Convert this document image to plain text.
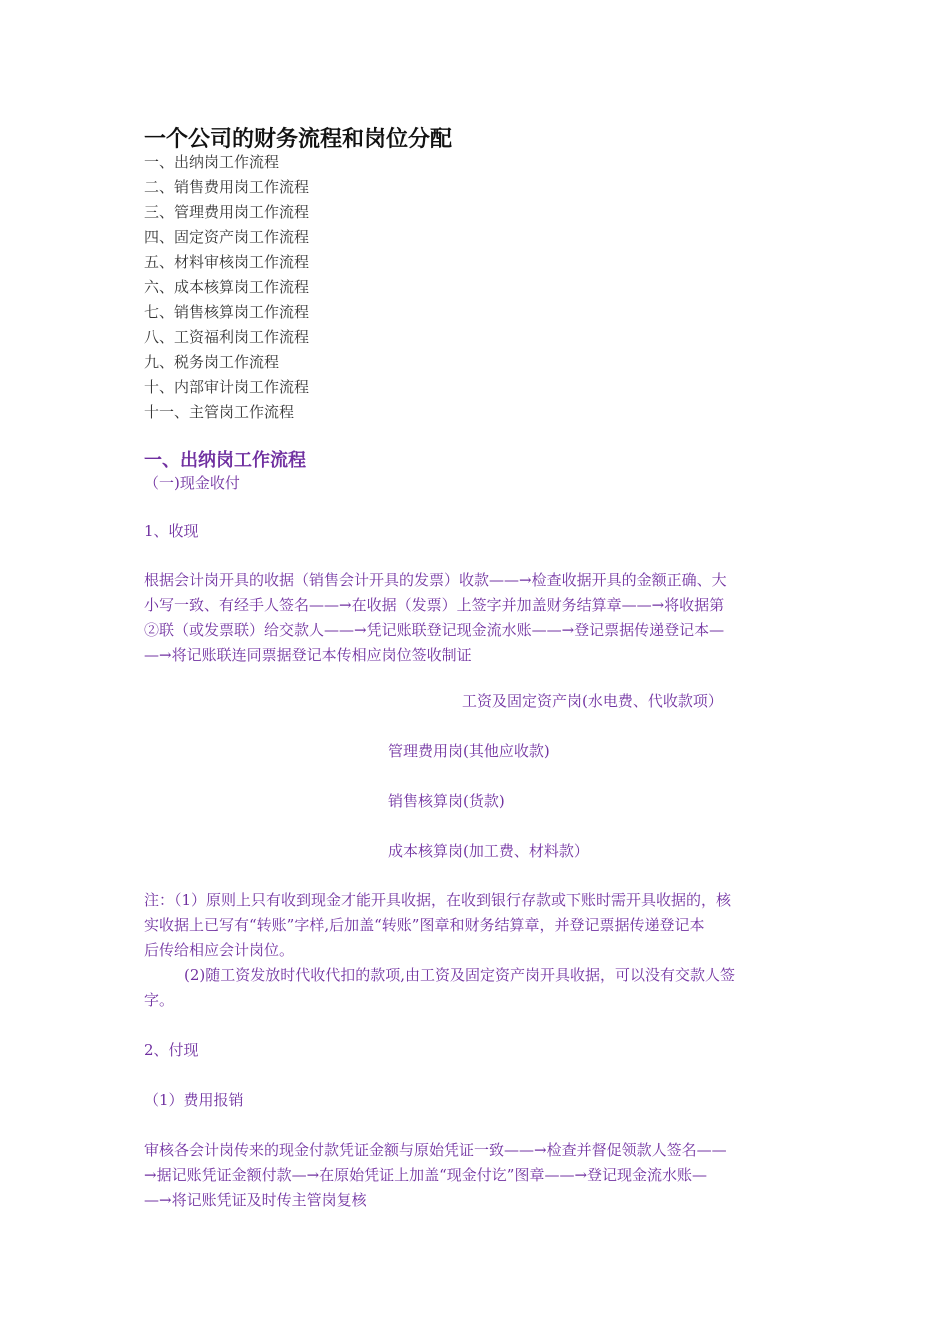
一个公司的财务流程和岗位分配
一、出纳岗工作流程
二、销售费用岗工作流程
三、管理费用岗工作流程
四、固定资产岗工作流程
五、材料审核岗工作流程
六、成本核算岗工作流程
七、销售核算岗工作流程
八、工资福利岗工作流程
九、税务岗工作流程
十、内部审计岗工作流程
十一、主管岗工作流程
一、出纳岗工作流程
（一)现金收付
1、收现
根据会计岗开具的收据（销售会计开具的发票）收款——→检查收据开具的金额正确、大
小写一致、有经手人签名——→在收据（发票）上签字并加盖财务结算章——→将收据第
②联（或发票联）给交款人——→凭记账联登记现金流水账——→登记票据传递登记本—
—→将记账联连同票据登记本传相应岗位签收制证
工资及固定资产岗(水电费、代收款项）
管理费用岗(其他应收款)
销售核算岗(货款)
成本核算岗(加工费、材料款）
注：（1）原则上只有收到现金才能开具收据，在收到银行存款或下账时需开具收据的，核
实收据上已写有“转账”字样,后加盖“转账”图章和财务结算章，并登记票据传递登记本
后传给相应会计岗位。
(2)随工资发放时代收代扣的款项,由工资及固定资产岗开具收据，可以没有交款人签
字。
2、付现
（1）费用报销
审核各会计岗传来的现金付款凭证金额与原始凭证一致——→检查并督促领款人签名——
→据记账凭证金额付款—→在原始凭证上加盖“现金付讫”图章——→登记现金流水账—
—→将记账凭证及时传主管岗复核
